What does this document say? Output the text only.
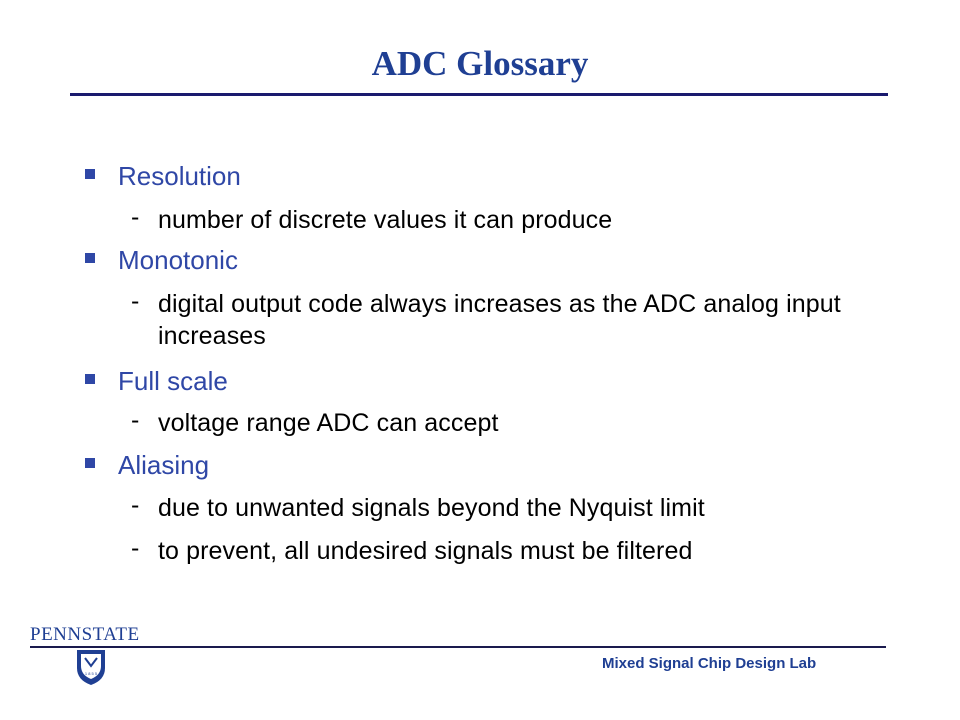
ADC Glossary
Resolution
- number of discrete values it can produce
Monotonic
- digital output code always increases as the ADC analog input increases
Full scale
- voltage range ADC can accept
Aliasing
- due to unwanted signals beyond the Nyquist limit
- to prevent, all undesired signals must be filtered
PENNSTATE
1 8 5 5
Mixed Signal Chip Design Lab
